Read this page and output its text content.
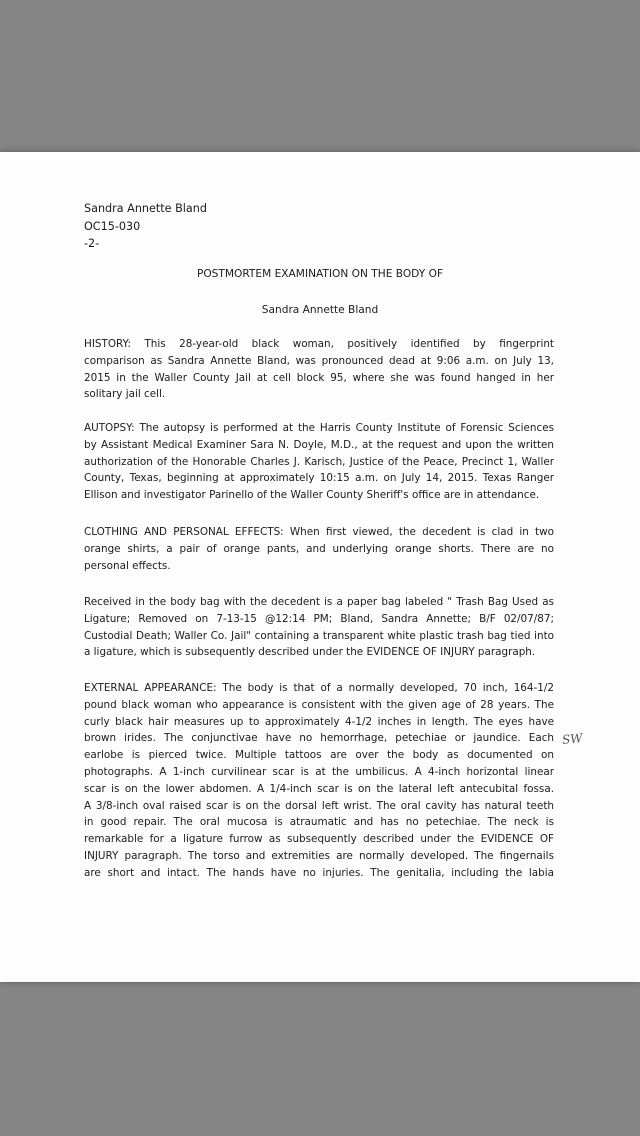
Sandra Annette Bland
OC15-030
-2-
POSTMORTEM EXAMINATION ON THE BODY OF
Sandra Annette Bland
HISTORY: This 28-year-old black woman, positively identified by fingerprint
comparison as Sandra Annette Bland, was pronounced dead at 9:06 a.m. on July 13,
2015 in the Waller County Jail at cell block 95, where she was found hanged in her
solitary jail cell.
AUTOPSY: The autopsy is performed at the Harris County Institute of Forensic Sciences
by Assistant Medical Examiner Sara N. Doyle, M.D., at the request and upon the written
authorization of the Honorable Charles J. Karisch, Justice of the Peace, Precinct 1, Waller
County, Texas, beginning at approximately 10:15 a.m. on July 14, 2015. Texas Ranger
Ellison and investigator Parinello of the Waller County Sheriff's office are in attendance.
CLOTHING AND PERSONAL EFFECTS: When first viewed, the decedent is clad in two
orange shirts, a pair of orange pants, and underlying orange shorts. There are no
personal effects.
Received in the body bag with the decedent is a paper bag labeled " Trash Bag Used as
Ligature; Removed on 7-13-15 @12:14 PM; Bland, Sandra Annette; B/F 02/07/87;
Custodial Death; Waller Co. Jail" containing a transparent white plastic trash bag tied into
a ligature, which is subsequently described under the EVIDENCE OF INJURY paragraph.
EXTERNAL APPEARANCE: The body is that of a normally developed, 70 inch, 164-1/2
pound black woman who appearance is consistent with the given age of 28 years. The
curly black hair measures up to approximately 4-1/2 inches in length. The eyes have
brown irides. The conjunctivae have no hemorrhage, petechiae or jaundice. Each
earlobe is pierced twice. Multiple tattoos are over the body as documented on
photographs. A 1-inch curvilinear scar is at the umbilicus. A 4-inch horizontal linear
scar is on the lower abdomen. A 1/4-inch scar is on the lateral left antecubital fossa.
A 3/8-inch oval raised scar is on the dorsal left wrist. The oral cavity has natural teeth
in good repair. The oral mucosa is atraumatic and has no petechiae. The neck is
remarkable for a ligature furrow as subsequently described under the EVIDENCE OF
INJURY paragraph. The torso and extremities are normally developed. The fingernails
are short and intact. The hands have no injuries. The genitalia, including the labia
SW
